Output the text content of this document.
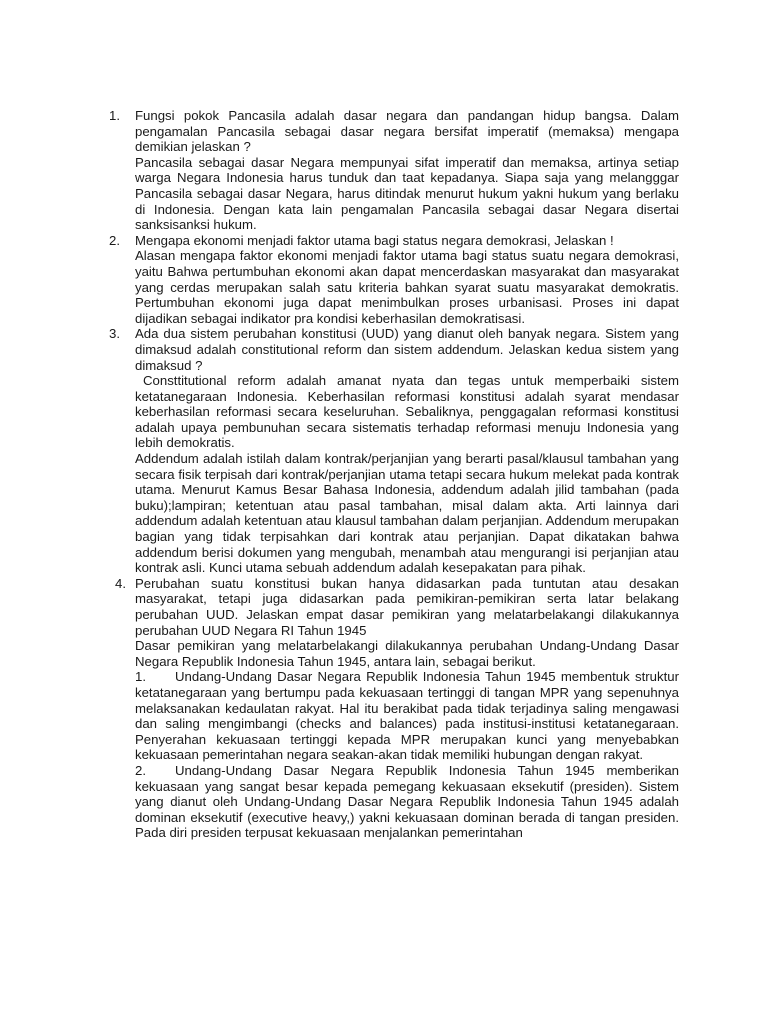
1.	Fungsi pokok Pancasila adalah dasar negara dan pandangan hidup bangsa. Dalam pengamalan Pancasila sebagai dasar negara bersifat imperatif (memaksa) mengapa demikian jelaskan ?

Pancasila sebagai dasar Negara mempunyai sifat imperatif dan memaksa, artinya setiap warga Negara Indonesia harus tunduk dan taat kepadanya. Siapa saja yang melangggar Pancasila sebagai dasar Negara, harus ditindak menurut hukum yakni hukum yang berlaku di Indonesia. Dengan kata lain pengamalan Pancasila sebagai dasar Negara disertai sanksisanksi hukum.

2.	Mengapa ekonomi menjadi faktor utama bagi status negara demokrasi, Jelaskan !

Alasan mengapa faktor ekonomi menjadi faktor utama bagi status suatu negara demokrasi, yaitu Bahwa pertumbuhan ekonomi akan dapat mencerdaskan masyarakat dan masyarakat yang cerdas merupakan salah satu kriteria bahkan syarat suatu masyarakat demokratis. Pertumbuhan ekonomi juga dapat menimbulkan proses urbanisasi. Proses ini dapat dijadikan sebagai indikator pra kondisi keberhasilan demokratisasi.

3.	Ada dua sistem perubahan konstitusi (UUD) yang dianut oleh banyak negara. Sistem yang dimaksud adalah constitutional reform dan sistem addendum. Jelaskan kedua sistem yang dimaksud ?

Consttitutional reform adalah amanat nyata dan tegas untuk memperbaiki sistem ketatanegaraan Indonesia. Keberhasilan reformasi konstitusi adalah syarat mendasar keberhasilan reformasi secara keseluruhan. Sebaliknya, penggagalan reformasi konstitusi adalah upaya pembunuhan secara sistematis terhadap reformasi menuju Indonesia yang lebih demokratis.

Addendum adalah istilah dalam kontrak/perjanjian yang berarti pasal/klausul tambahan yang secara fisik terpisah dari kontrak/perjanjian utama tetapi secara hukum melekat pada kontrak utama. Menurut Kamus Besar Bahasa Indonesia, addendum adalah jilid tambahan (pada buku);lampiran; ketentuan atau pasal tambahan, misal dalam akta. Arti lainnya dari addendum adalah ketentuan atau klausul tambahan dalam perjanjian. Addendum merupakan bagian yang tidak terpisahkan dari kontrak atau perjanjian. Dapat dikatakan bahwa addendum berisi dokumen yang mengubah, menambah atau mengurangi isi perjanjian atau kontrak asli. Kunci utama sebuah addendum adalah kesepakatan para pihak.

4. Perubahan suatu konstitusi bukan hanya didasarkan pada tuntutan atau desakan masyarakat, tetapi juga didasarkan pada pemikiran-pemikiran serta latar belakang perubahan UUD. Jelaskan empat dasar pemikiran yang melatarbelakangi dilakukannya perubahan UUD Negara RI Tahun 1945

Dasar pemikiran yang melatarbelakangi dilakukannya perubahan Undang-Undang Dasar Negara Republik Indonesia Tahun 1945, antara lain, sebagai berikut.

1. Undang-Undang Dasar Negara Republik Indonesia Tahun 1945 membentuk struktur ketatanegaraan yang bertumpu pada kekuasaan tertinggi di tangan MPR yang sepenuhnya melaksanakan kedaulatan rakyat. Hal itu berakibat pada tidak terjadinya saling mengawasi dan saling mengimbangi (checks and balances) pada institusi-institusi ketatanegaraan. Penyerahan kekuasaan tertinggi kepada MPR merupakan kunci yang menyebabkan kekuasaan pemerintahan negara seakan-akan tidak memiliki hubungan dengan rakyat.

2. Undang-Undang Dasar Negara Republik Indonesia Tahun 1945 memberikan kekuasaan yang sangat besar kepada pemegang kekuasaan eksekutif (presiden). Sistem yang dianut oleh Undang-Undang Dasar Negara Republik Indonesia Tahun 1945 adalah dominan eksekutif (executive heavy,) yakni kekuasaan dominan berada di tangan presiden. Pada diri presiden terpusat kekuasaan menjalankan pemerintahan
